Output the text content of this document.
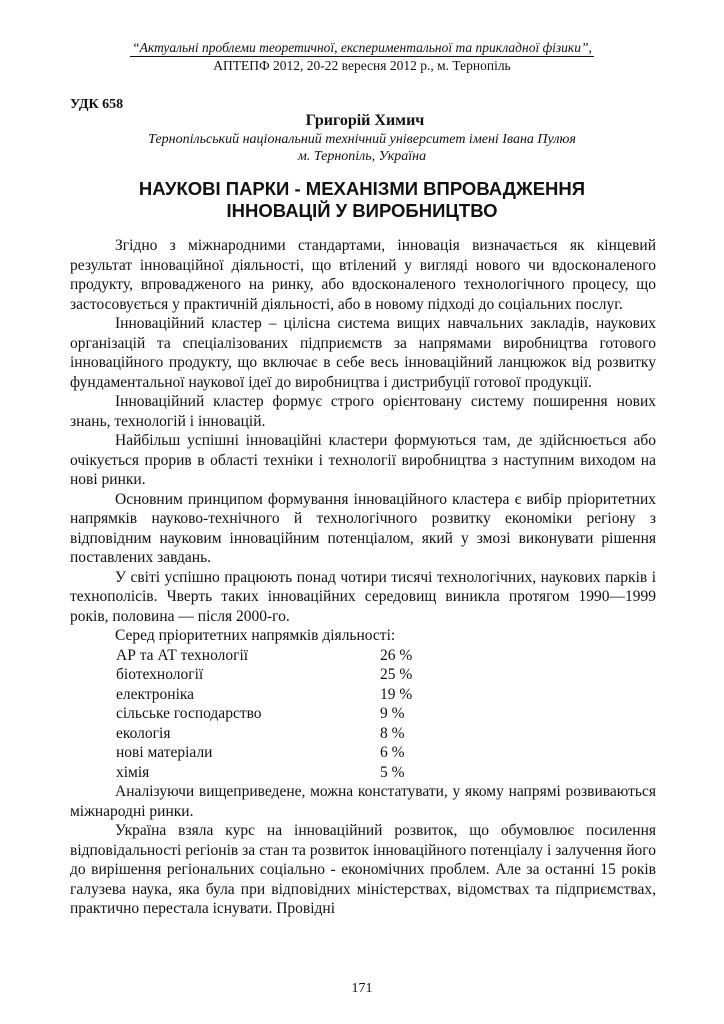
“Актуальні проблеми теоретичної, експериментальної та прикладної фізики”,
АПТЕПФ 2012, 20-22 вересня 2012 р., м. Тернопіль
УДК 658
Григорій Химич
Тернопільський національний технічний університет імені Івана Пулюя
м. Тернопіль, Україна
НАУКОВІ ПАРКИ - МЕХАНІЗМИ ВПРОВАДЖЕННЯ
ІННОВАЦІЙ У ВИРОБНИЦТВО

Згідно з міжнародними стандартами, інновація визначається як кінцевий результат інноваційної діяльності, що втілений у вигляді нового чи вдосконаленого продукту, впровадженого на ринку, або вдосконаленого технологічного процесу, що застосовується у практичній діяльності, або в новому підході до соціальних послуг.

Інноваційний кластер – цілісна система вищих навчальних закладів, наукових організацій та спеціалізованих підприємств за напрямами виробництва готового інноваційного продукту, що включає в себе весь інноваційний ланцюжок від розвитку фундаментальної наукової ідеї до виробництва і дистрибуції готової продукції.

Інноваційний кластер формує строго орієнтовану систему поширення нових знань, технологій і інновацій.

Найбільш успішні інноваційні кластери формуються там, де здійснюється або очікується прорив в області техніки і технології виробництва з наступним виходом на нові ринки.

Основним принципом формування інноваційного кластера є вибір пріоритетних напрямків науково-технічного й технологічного розвитку економіки регіону з відповідним науковим інноваційним потенціалом, який у змозі виконувати рішення поставлених завдань.

У світі успішно працюють понад чотири тисячі технологічних, наукових парків і технополісів. Чверть таких інноваційних середовищ виникла протягом 1990—1999 років, половина — після 2000-го.

Серед пріоритетних напрямків діяльності:

АР та АТ технології	26 %
біотехнології	25 %
електроніка	19 %
сільське господарство	9 %
екологія	8 %
нові матеріали	6 %
хімія	5 %

Аналізуючи вищеприведене, можна констатувати, у якому напрямі розвиваються міжнародні ринки.

Україна взяла курс на інноваційний розвиток, що обумовлює посилення відповідальності регіонів за стан та розвиток інноваційного потенціалу і залучення його до вирішення регіональних соціально - економічних проблем. Але за останні 15 років галузева наука, яка була при відповідних міністерствах, відомствах та підприємствах, практично перестала існувати. Провідні

171
